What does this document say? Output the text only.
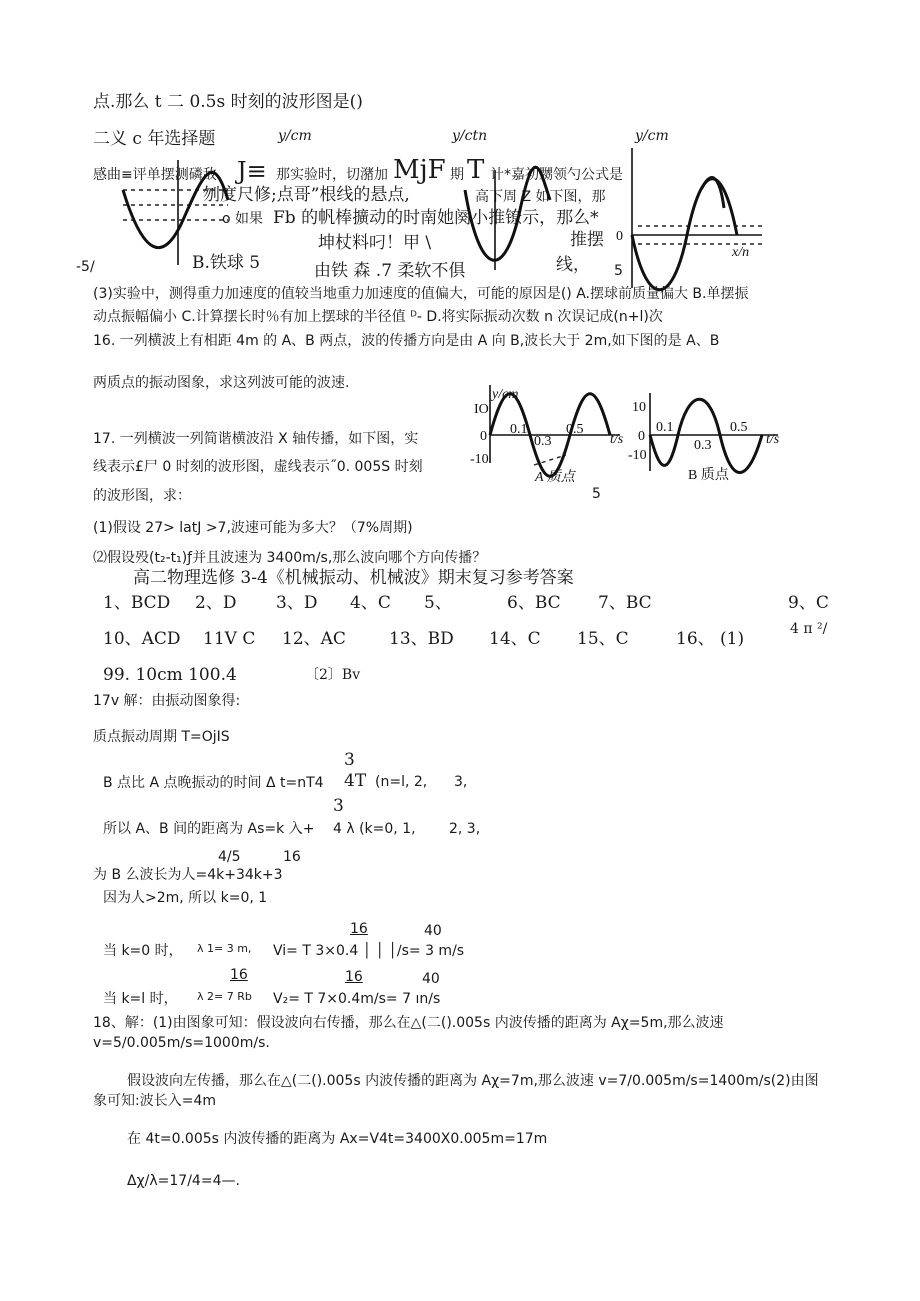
点.那么 t 二 0.5s 时刻的波形图是()
二义 c 年选择题	y/cm	y/ctn	y/cm
感曲≡评单摆测磷敌 J≡ 那实验时，切潴加 MjF 期 T 计*嘉初嬲领勺公式是
刎度尺修;点哥”根线的悬点,	高下周 Z 如下图，那
o 如果 Fb 的帆棒擴动的时南她阕小推镣示，那么*
坤杖料叼！甲 \	推摆
-5/	B.铁球 5	由铁 森 .7 柔软不俱	线， 5
0
x/n
(3)实验中，测得重力加速度的值较当地重力加速度的值偏大，可能的原因是() A.摆球前质量偏大 B.单摆振
动点振幅偏小 C.计算摆长时％有加上摆球的半径值 ᴰ- D.将实际振动次数 n 次误记成(n+l)次
16. 一列横波上有相距 4m 的 A、B 两点，波的传播方向是由 A 向 B,波长大于 2m,如下图的是 A、B
两质点的振动图象，求这列波可能的波速.
17. 一列横波一列简谐横波沿 X 轴传播，如下图，实
线表示£尸 0 时刻的波形图，虚线表示˝0. 005S 时刻
的波形图，求：
(1)假设 27> latJ >7,波速可能为多大？（7%周期)
⑵假设殁(t₂-t₁)ƒ并且波速为 3400m∕s,那么波向哪个方向传播？
y/cm
IO
0
-10
0.1
0.3
0.5
t/s
A 质点
10
0
-10
0.1
0.3
0.5
t/s
B 质点
5
高二物理选修 3-4《机械振动、机械波》期末复习参考答案
1、BCD 2、D 3、D 4、C 5、	6、BC 7、BC	9、C
10、ACD 11V C 12、AC	13、BD 14、C 15、C	16、 (1)	4 π ²/
99. 10cm 100.4	〔2〕Bv
17v 解：由振动图象得:
质点振动周期 T=OjIS
3
B 点比 A 点晚振动的时间 Δ t=nT4 4T (n=l, 2, 3,
3
所以 A、B 间的距离为 As=k 入+ 4 λ (k=0, 1, 2, 3,
4/5	16
为 B 么波长为人=4k+34k+3
因为人>2m, 所以 k=0, 1
16	40
当 k=0 时， λ 1= 3 m, Vi= T 3×0.4 │ │ │∕s= 3 m/s
16	16	40
当 k=l 时， λ 2= 7 Rb V₂= T 7×0.4m∕s= 7 ın∕s
18、解：(1)由图象可知：假设波向右传播，那么在△(二().005s 内波传播的距离为 Aχ=5m,那么波速
v=5∕0.005m∕s=1000m∕s.
假设波向左传播，那么在△(二().005s 内波传播的距离为 Aχ=7m,那么波速 v=7∕0.005m∕s=1400m∕s(2)由图
象可知:波长入=4m
在 4t=0.005s 内波传播的距离为 Ax=V4t=3400X0.005m=17m
Δχ/λ=17/4=4—.
